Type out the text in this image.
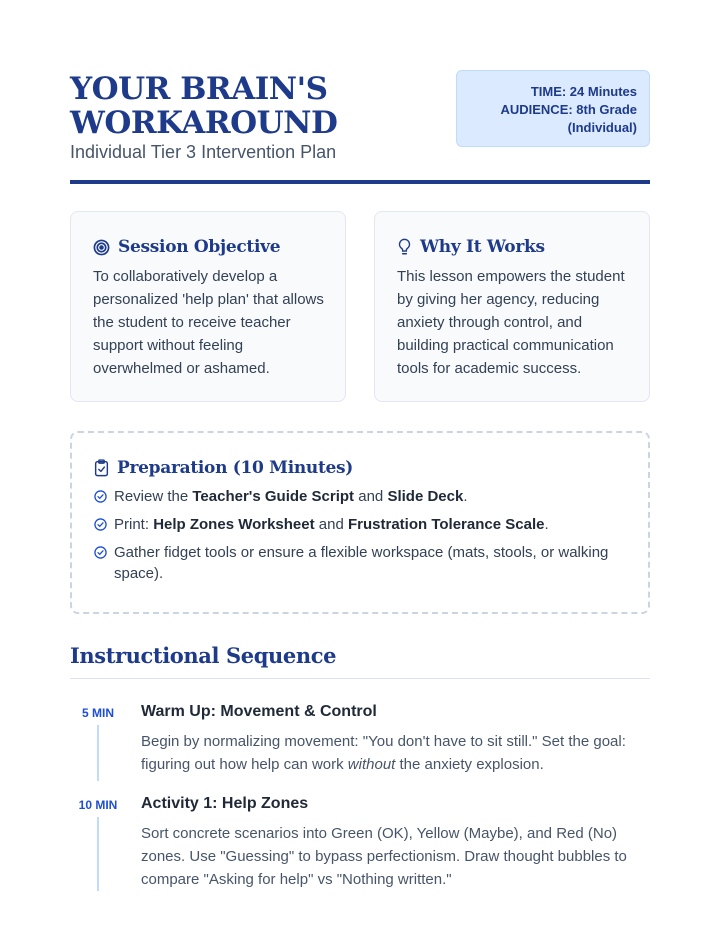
YOUR BRAIN'S
WORKAROUND
Individual Tier 3 Intervention Plan
TIME: 24 Minutes
AUDIENCE: 8th Grade
(Individual)
Session Objective
To collaboratively develop a personalized 'help plan' that allows the student to receive teacher support without feeling overwhelmed or ashamed.
Why It Works
This lesson empowers the student by giving her agency, reducing anxiety through control, and building practical communication tools for academic success.
Preparation (10 Minutes)
Review the Teacher's Guide Script and Slide Deck.
Print: Help Zones Worksheet and Frustration Tolerance Scale.
Gather fidget tools or ensure a flexible workspace (mats, stools, or walking space).
Instructional Sequence
5 MIN	Warm Up: Movement & Control
Begin by normalizing movement: "You don't have to sit still." Set the goal: figuring out how help can work without the anxiety explosion.
10 MIN	Activity 1: Help Zones
Sort concrete scenarios into Green (OK), Yellow (Maybe), and Red (No) zones. Use "Guessing" to bypass perfectionism. Draw thought bubbles to compare "Asking for help" vs "Nothing written."
